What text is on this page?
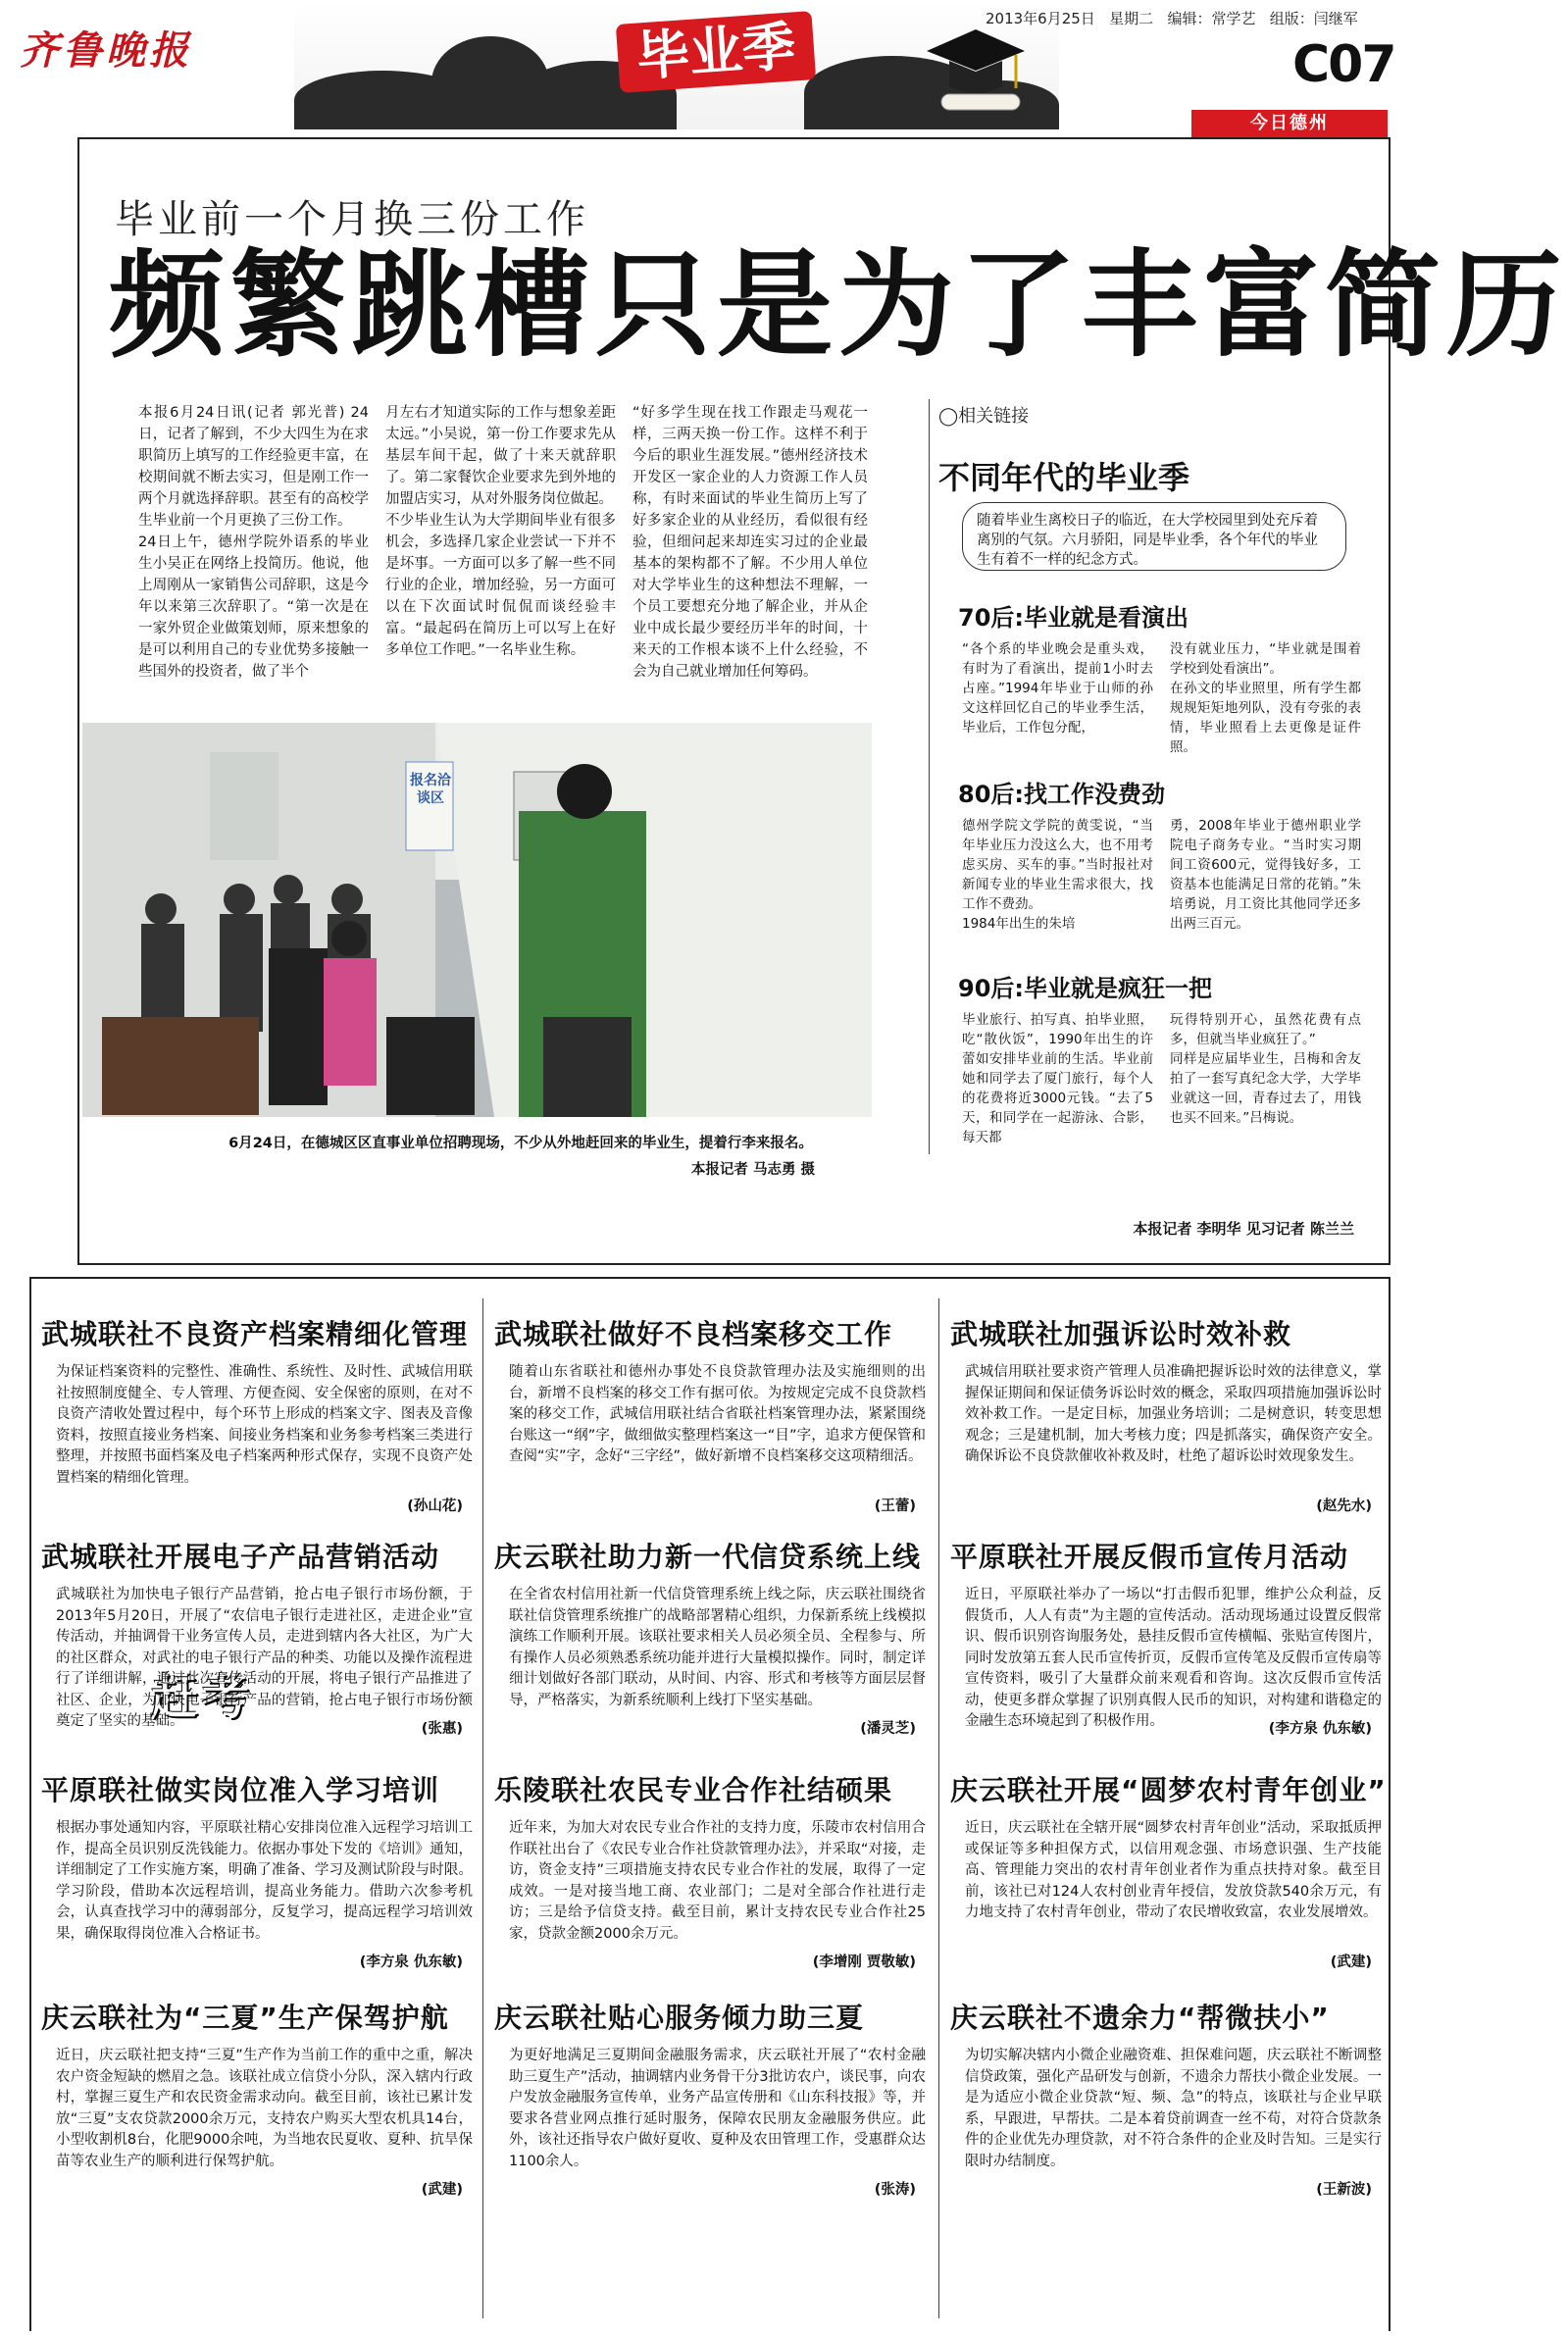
齐鲁晚报	毕业季	2013年6月25日 星期二 编辑：常学艺 组版：闫继军
C07
今日德州
毕业前一个月换三份工作
频繁跳槽只是为了丰富简历
本报6月24日讯(记者 郭光普) 24日，记者了解到，不少大四生为在求职简历上填写的工作经验更丰富，在校期间就不断去实习，但是刚工作一两个月就选择辞职。甚至有的高校学生毕业前一个月更换了三份工作。
24日上午，德州学院外语系的毕业生小吴正在网络上投简历。他说，他上周刚从一家销售公司辞职，这是今年以来第三次辞职了。“第一次是在一家外贸企业做策划师，原来想象的是可以利用自己的专业优势多接触一些国外的投资者，做了半个
月左右才知道实际的工作与想象差距太远。”小吴说，第一份工作要求先从基层车间干起，做了十来天就辞职了。第二家餐饮企业要求先到外地的加盟店实习，从对外服务岗位做起。
不少毕业生认为大学期间毕业有很多机会，多选择几家企业尝试一下并不是坏事。一方面可以多了解一些不同行业的企业，增加经验，另一方面可以在下次面试时侃侃而谈经验丰富。“最起码在简历上可以写上在好多单位工作吧。”一名毕业生称。
“好多学生现在找工作跟走马观花一样，三两天换一份工作。这样不利于今后的职业生涯发展。”德州经济技术开发区一家企业的人力资源工作人员称，有时来面试的毕业生简历上写了好多家企业的从业经历，看似很有经验，但细问起来却连实习过的企业最基本的架构都不了解。不少用人单位对大学毕业生的这种想法不理解，一个员工要想充分地了解企业，并从企业中成长最少要经历半年的时间，十来天的工作根本谈不上什么经验，不会为自己就业增加任何筹码。
报名洽谈区
赶考
6月24日，在德城区区直事业单位招聘现场，不少从外地赶回来的毕业生，提着行李来报名。
本报记者 马志勇 摄
◯相关链接
不同年代的毕业季
随着毕业生离校日子的临近，在大学校园里到处充斥着离别的气氛。六月骄阳，同是毕业季，各个年代的毕业生有着不一样的纪念方式。
70后:毕业就是看演出
“各个系的毕业晚会是重头戏，有时为了看演出，提前1小时去占座。”1994年毕业于山师的孙文这样回忆自己的毕业季生活，毕业后，工作包分配，
没有就业压力，“毕业就是围着学校到处看演出”。
在孙文的毕业照里，所有学生都规规矩矩地列队，没有夸张的表情，毕业照看上去更像是证件照。
80后:找工作没费劲
德州学院文学院的黄雯说，“当年毕业压力没这么大，也不用考虑买房、买车的事。”当时报社对新闻专业的毕业生需求很大，找工作不费劲。
1984年出生的朱培
勇，2008年毕业于德州职业学院电子商务专业。“当时实习期间工资600元，觉得钱好多，工资基本也能满足日常的花销。”朱培勇说，月工资比其他同学还多出两三百元。
90后:毕业就是疯狂一把
毕业旅行、拍写真、拍毕业照，吃“散伙饭”，1990年出生的许蕾如安排毕业前的生活。毕业前她和同学去了厦门旅行，每个人的花费将近3000元钱。“去了5天，和同学在一起游泳、合影，每天都
玩得特别开心，虽然花费有点多，但就当毕业疯狂了。”
同样是应届毕业生，吕梅和舍友拍了一套写真纪念大学，大学毕业就这一回，青春过去了，用钱也买不回来。”吕梅说。
本报记者 李明华 见习记者 陈兰兰
武城联社不良资产档案精细化管理
为保证档案资料的完整性、准确性、系统性、及时性、武城信用联社按照制度健全、专人管理、方便查阅、安全保密的原则，在对不良资产清收处置过程中，每个环节上形成的档案文字、图表及音像资料，按照直接业务档案、间接业务档案和业务参考档案三类进行整理，并按照书面档案及电子档案两种形式保存，实现不良资产处置档案的精细化管理。
(孙山花)
武城联社做好不良档案移交工作
随着山东省联社和德州办事处不良贷款管理办法及实施细则的出台，新增不良档案的移交工作有据可依。为按规定完成不良贷款档案的移交工作，武城信用联社结合省联社档案管理办法，紧紧围绕台账这一“纲”字，做细做实整理档案这一“目”字，追求方便保管和查阅“实”字，念好“三字经”，做好新增不良档案移交这项精细活。
(王蕾)
武城联社加强诉讼时效补救
武城信用联社要求资产管理人员准确把握诉讼时效的法律意义，掌握保证期间和保证债务诉讼时效的概念，采取四项措施加强诉讼时效补救工作。一是定目标，加强业务培训；二是树意识，转变思想观念；三是建机制，加大考核力度；四是抓落实，确保资产安全。确保诉讼不良贷款催收补救及时，杜绝了超诉讼时效现象发生。
(赵先水)
武城联社开展电子产品营销活动
武城联社为加快电子银行产品营销，抢占电子银行市场份额，于2013年5月20日，开展了“农信电子银行走进社区，走进企业”宣传活动，并抽调骨干业务宣传人员，走进到辖内各大社区，为广大的社区群众，对武社的电子银行产品的种类、功能以及操作流程进行了详细讲解，通过此次宣传活动的开展，将电子银行产品推进了社区、企业，为加快电子银行产品的营销，抢占电子银行市场份额奠定了坚实的基础。	(张惠)
庆云联社助力新一代信贷系统上线
在全省农村信用社新一代信贷管理系统上线之际，庆云联社围绕省联社信贷管理系统推广的战略部署精心组织，力保新系统上线模拟演练工作顺利开展。该联社要求相关人员必须全员、全程参与、所有操作人员必须熟悉系统功能并进行大量模拟操作。同时，制定详细计划做好各部门联动，从时间、内容、形式和考核等方面层层督导，严格落实，为新系统顺利上线打下坚实基础。
(潘灵芝)
平原联社开展反假币宣传月活动
近日，平原联社举办了一场以“打击假币犯罪，维护公众利益，反假货币，人人有责”为主题的宣传活动。活动现场通过设置反假常识、假币识别咨询服务处，悬挂反假币宣传横幅、张贴宣传图片，同时发放第五套人民币宣传折页，反假币宣传笔及反假币宣传扇等宣传资料，吸引了大量群众前来观看和咨询。这次反假币宣传活动，使更多群众掌握了识别真假人民币的知识，对构建和谐稳定的金融生态环境起到了积极作用。	(李方泉 仇东敏)
平原联社做实岗位准入学习培训
根据办事处通知内容，平原联社精心安排岗位准入远程学习培训工作，提高全员识别反洗钱能力。依据办事处下发的《培训》通知，详细制定了工作实施方案，明确了准备、学习及测试阶段与时限。学习阶段，借助本次远程培训，提高业务能力。借助六次参考机会，认真查找学习中的薄弱部分，反复学习，提高远程学习培训效果，确保取得岗位准入合格证书。
(李方泉 仇东敏)
乐陵联社农民专业合作社结硕果
近年来，为加大对农民专业合作社的支持力度，乐陵市农村信用合作联社出台了《农民专业合作社贷款管理办法》，并采取“对接，走访，资金支持”三项措施支持农民专业合作社的发展，取得了一定成效。一是对接当地工商、农业部门；二是对全部合作社进行走访；三是给予信贷支持。截至目前，累计支持农民专业合作社25家，贷款金额2000余万元。
(李增刚 贾敬敏)
庆云联社开展“圆梦农村青年创业”
近日，庆云联社在全辖开展“圆梦农村青年创业”活动，采取抵质押或保证等多种担保方式，以信用观念强、市场意识强、生产技能高、管理能力突出的农村青年创业者作为重点扶持对象。截至目前，该社已对124人农村创业青年授信，发放贷款540余万元，有力地支持了农村青年创业，带动了农民增收致富，农业发展增效。
(武建)
庆云联社为“三夏”生产保驾护航
近日，庆云联社把支持“三夏”生产作为当前工作的重中之重，解决农户资金短缺的燃眉之急。该联社成立信贷小分队，深入辖内行政村，掌握三夏生产和农民资金需求动向。截至目前，该社已累计发放“三夏”支农贷款2000余万元，支持农户购买大型农机具14台，小型收割机8台，化肥9000余吨，为当地农民夏收、夏种、抗旱保苗等农业生产的顺利进行保驾护航。
(武建)
庆云联社贴心服务倾力助三夏
为更好地满足三夏期间金融服务需求，庆云联社开展了“农村金融助三夏生产”活动，抽调辖内业务骨干分3批访农户，谈民事，向农户发放金融服务宣传单，业务产品宣传册和《山东科技报》等，并要求各营业网点推行延时服务，保障农民朋友金融服务供应。此外，该社还指导农户做好夏收、夏种及农田管理工作，受惠群众达1100余人。
(张涛)
庆云联社不遗余力“帮微扶小”
为切实解决辖内小微企业融资难、担保难问题，庆云联社不断调整信贷政策，强化产品研发与创新，不遗余力帮扶小微企业发展。一是为适应小微企业贷款“短、频、急”的特点，该联社与企业早联系，早跟进，早帮扶。二是本着贷前调查一丝不苟，对符合贷款条件的企业优先办理贷款，对不符合条件的企业及时告知。三是实行限时办结制度。
(王新波)
